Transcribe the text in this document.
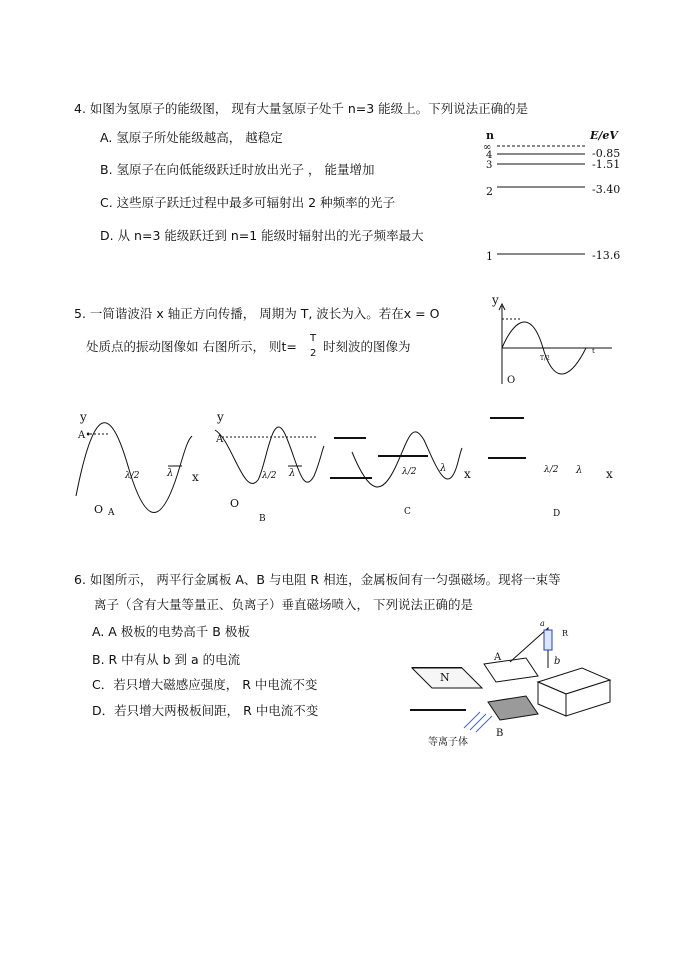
4. 如图为氢原子的能级图， 现有大量氢原子处千 n=3 能级上。下列说法正确的是
A. 氢原子所处能级越高， 越稳定
B. 氢原子在向低能级跃迁时放出光子 ， 能量增加
C. 这些原子跃迁过程中最多可辐射出 2 种频率的光子
D. 从 n=3 能级跃迁到 n=1 能级时辐射出的光子频率最大
n	E/eV
∞
4
3
2
1
-0.85
-1.51
-3.40
-13.6
5. 一简谐波沿 x 轴正方向传播， 周期为 T, 波长为入。若在x = O
处质点的振动图像如 右图所示， 则t=
T
2 时刻波的图像为
6. 如图所示， 两平行金属板 A、B 与电阻 R 相连，金属板间有一匀强磁场。现将一束等
离子（含有大量等量正、负离子）垂直磁场喷入， 下列说法正确的是
A. A 极板的电势高千 B 极板
B. R 中有从 b 到 a 的电流
C．若只增大磁感应强度， R 中电流不变
D．若只增大两极板间距， R 中电流不变
y
O
t
T/2
y
A•
λ/2	λ x
O A
y
A
λ/2 λ
O
B
λ/2 λ x
C
λ/2 λ x
D
N
A
B
a
b
R
等离子体
